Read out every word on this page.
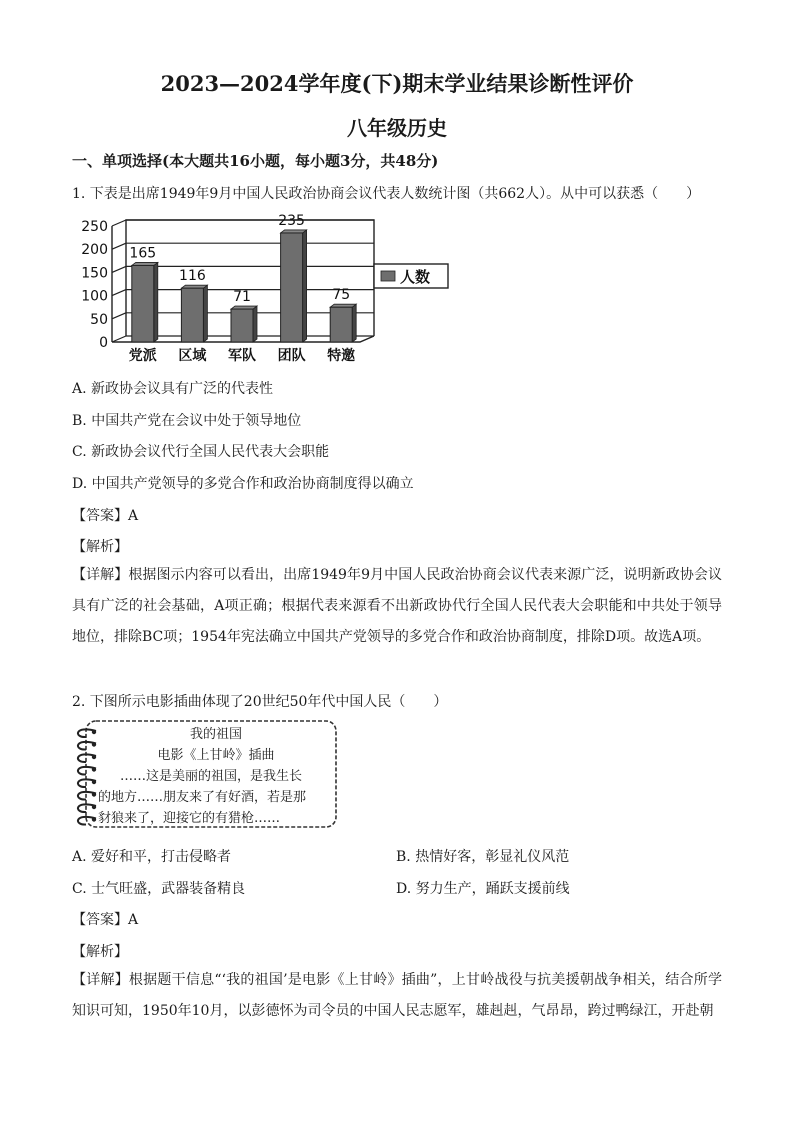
2023—2024学年度(下)期末学业结果诊断性评价
八年级历史
一、单项选择(本大题共16小题，每小题3分，共48分)
1. 下表是出席1949年9月中国人民政治协商会议代表人数统计图（共662人）。从中可以获悉（　　）
0
50
100
150
200
250
党派 区域 军队 团队 特邀
165
116
71
235
75
人数
A. 新政协会议具有广泛的代表性
B. 中国共产党在会议中处于领导地位
C. 新政协会议代行全国人民代表大会职能
D. 中国共产党领导的多党合作和政治协商制度得以确立
【答案】A
【解析】
【详解】根据图示内容可以看出，出席1949年9月中国人民政治协商会议代表来源广泛，说明新政协会议具有广泛的社会基础，A项正确；根据代表来源看不出新政协代行全国人民代表大会职能和中共处于领导地位，排除BC项；1954年宪法确立中国共产党领导的多党合作和政治协商制度，排除D项。故选A项。
2. 下图所示电影插曲体现了20世纪50年代中国人民（　　）
我的祖国
电影《上甘岭》插曲
……这是美丽的祖国，是我生长
的地方……朋友来了有好酒，若是那
豺狼来了，迎接它的有猎枪……
A. 爱好和平，打击侵略者	B. 热情好客，彰显礼仪风范
C. 士气旺盛，武器装备精良	D. 努力生产，踊跃支援前线
【答案】A
【解析】
【详解】根据题干信息“‘我的祖国’是电影《上甘岭》插曲”，上甘岭战役与抗美援朝战争相关，结合所学知识可知，1950年10月，以彭德怀为司令员的中国人民志愿军，雄赳赳，气昂昂，跨过鸭绿江，开赴朝
